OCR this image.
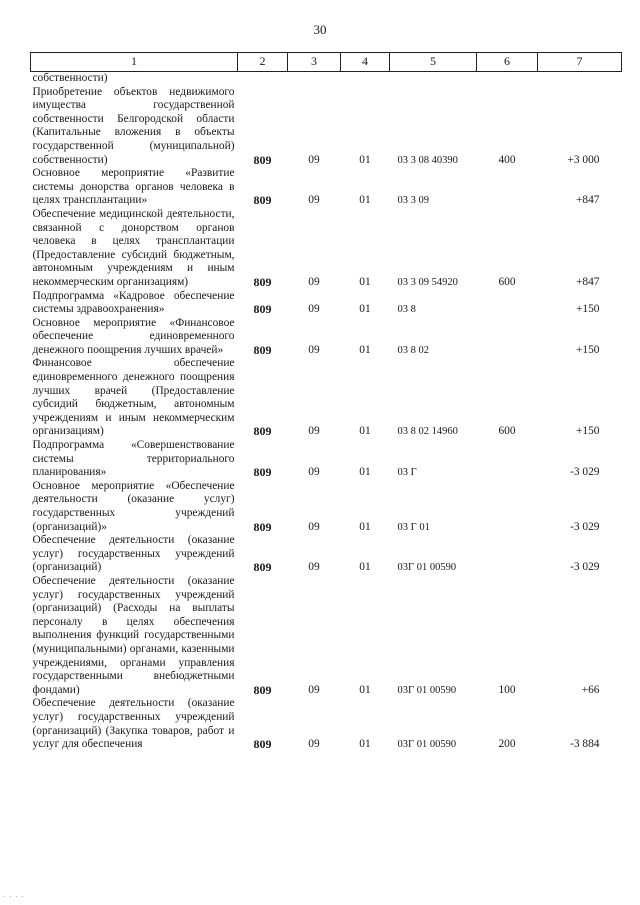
30
1	2	3	4	5	6	7
собственности)						
Приобретение объектов недвижимого имущества государственной собственности Белгородской области (Капитальные вложения в объекты государственной (муниципальной) собственности)	809	09	01	03 3 08 40390	400	+3 000
Основное мероприятие «Развитие системы донорства органов человека в целях трансплантации»	809	09	01	03 3 09		+847
Обеспечение медицинской деятельности, связанной с донорством органов человека в целях трансплантации (Предоставление субсидий бюджетным, автономным учреждениям и иным некоммерческим организациям)	809	09	01	03 3 09 54920	600	+847
Подпрограмма «Кадровое обеспечение системы здравоохранения»	809	09	01	03 8		+150
Основное мероприятие «Финансовое обеспечение единовременного денежного поощрения лучших врачей»	809	09	01	03 8 02		+150
Финансовое обеспечение единовременного денежного поощрения лучших врачей (Предоставление субсидий бюджетным, автономным учреждениям и иным некоммерческим организациям)	809	09	01	03 8 02 14960	600	+150
Подпрограмма «Совершенствование системы территориального планирования»	809	09	01	03 Г		-3 029
Основное мероприятие «Обеспечение деятельности (оказание услуг) государственных учреждений (организаций)»	809	09	01	03 Г 01		-3 029
Обеспечение деятельности (оказание услуг) государственных учреждений (организаций)	809	09	01	03Г 01 00590		-3 029
Обеспечение деятельности (оказание услуг) государственных учреждений (организаций) (Расходы на выплаты персоналу в целях обеспечения выполнения функций государственными (муниципальными) органами, казенными учреждениями, органами управления государственными внебюджетными фондами)	809	09	01	03Г 01 00590	100	+66
Обеспечение деятельности (оказание услуг) государственных учреждений (организаций) (Закупка товаров, работ и услуг для обеспечения	809	09	01	03Г 01 00590	200	-3 884
· · · ·
